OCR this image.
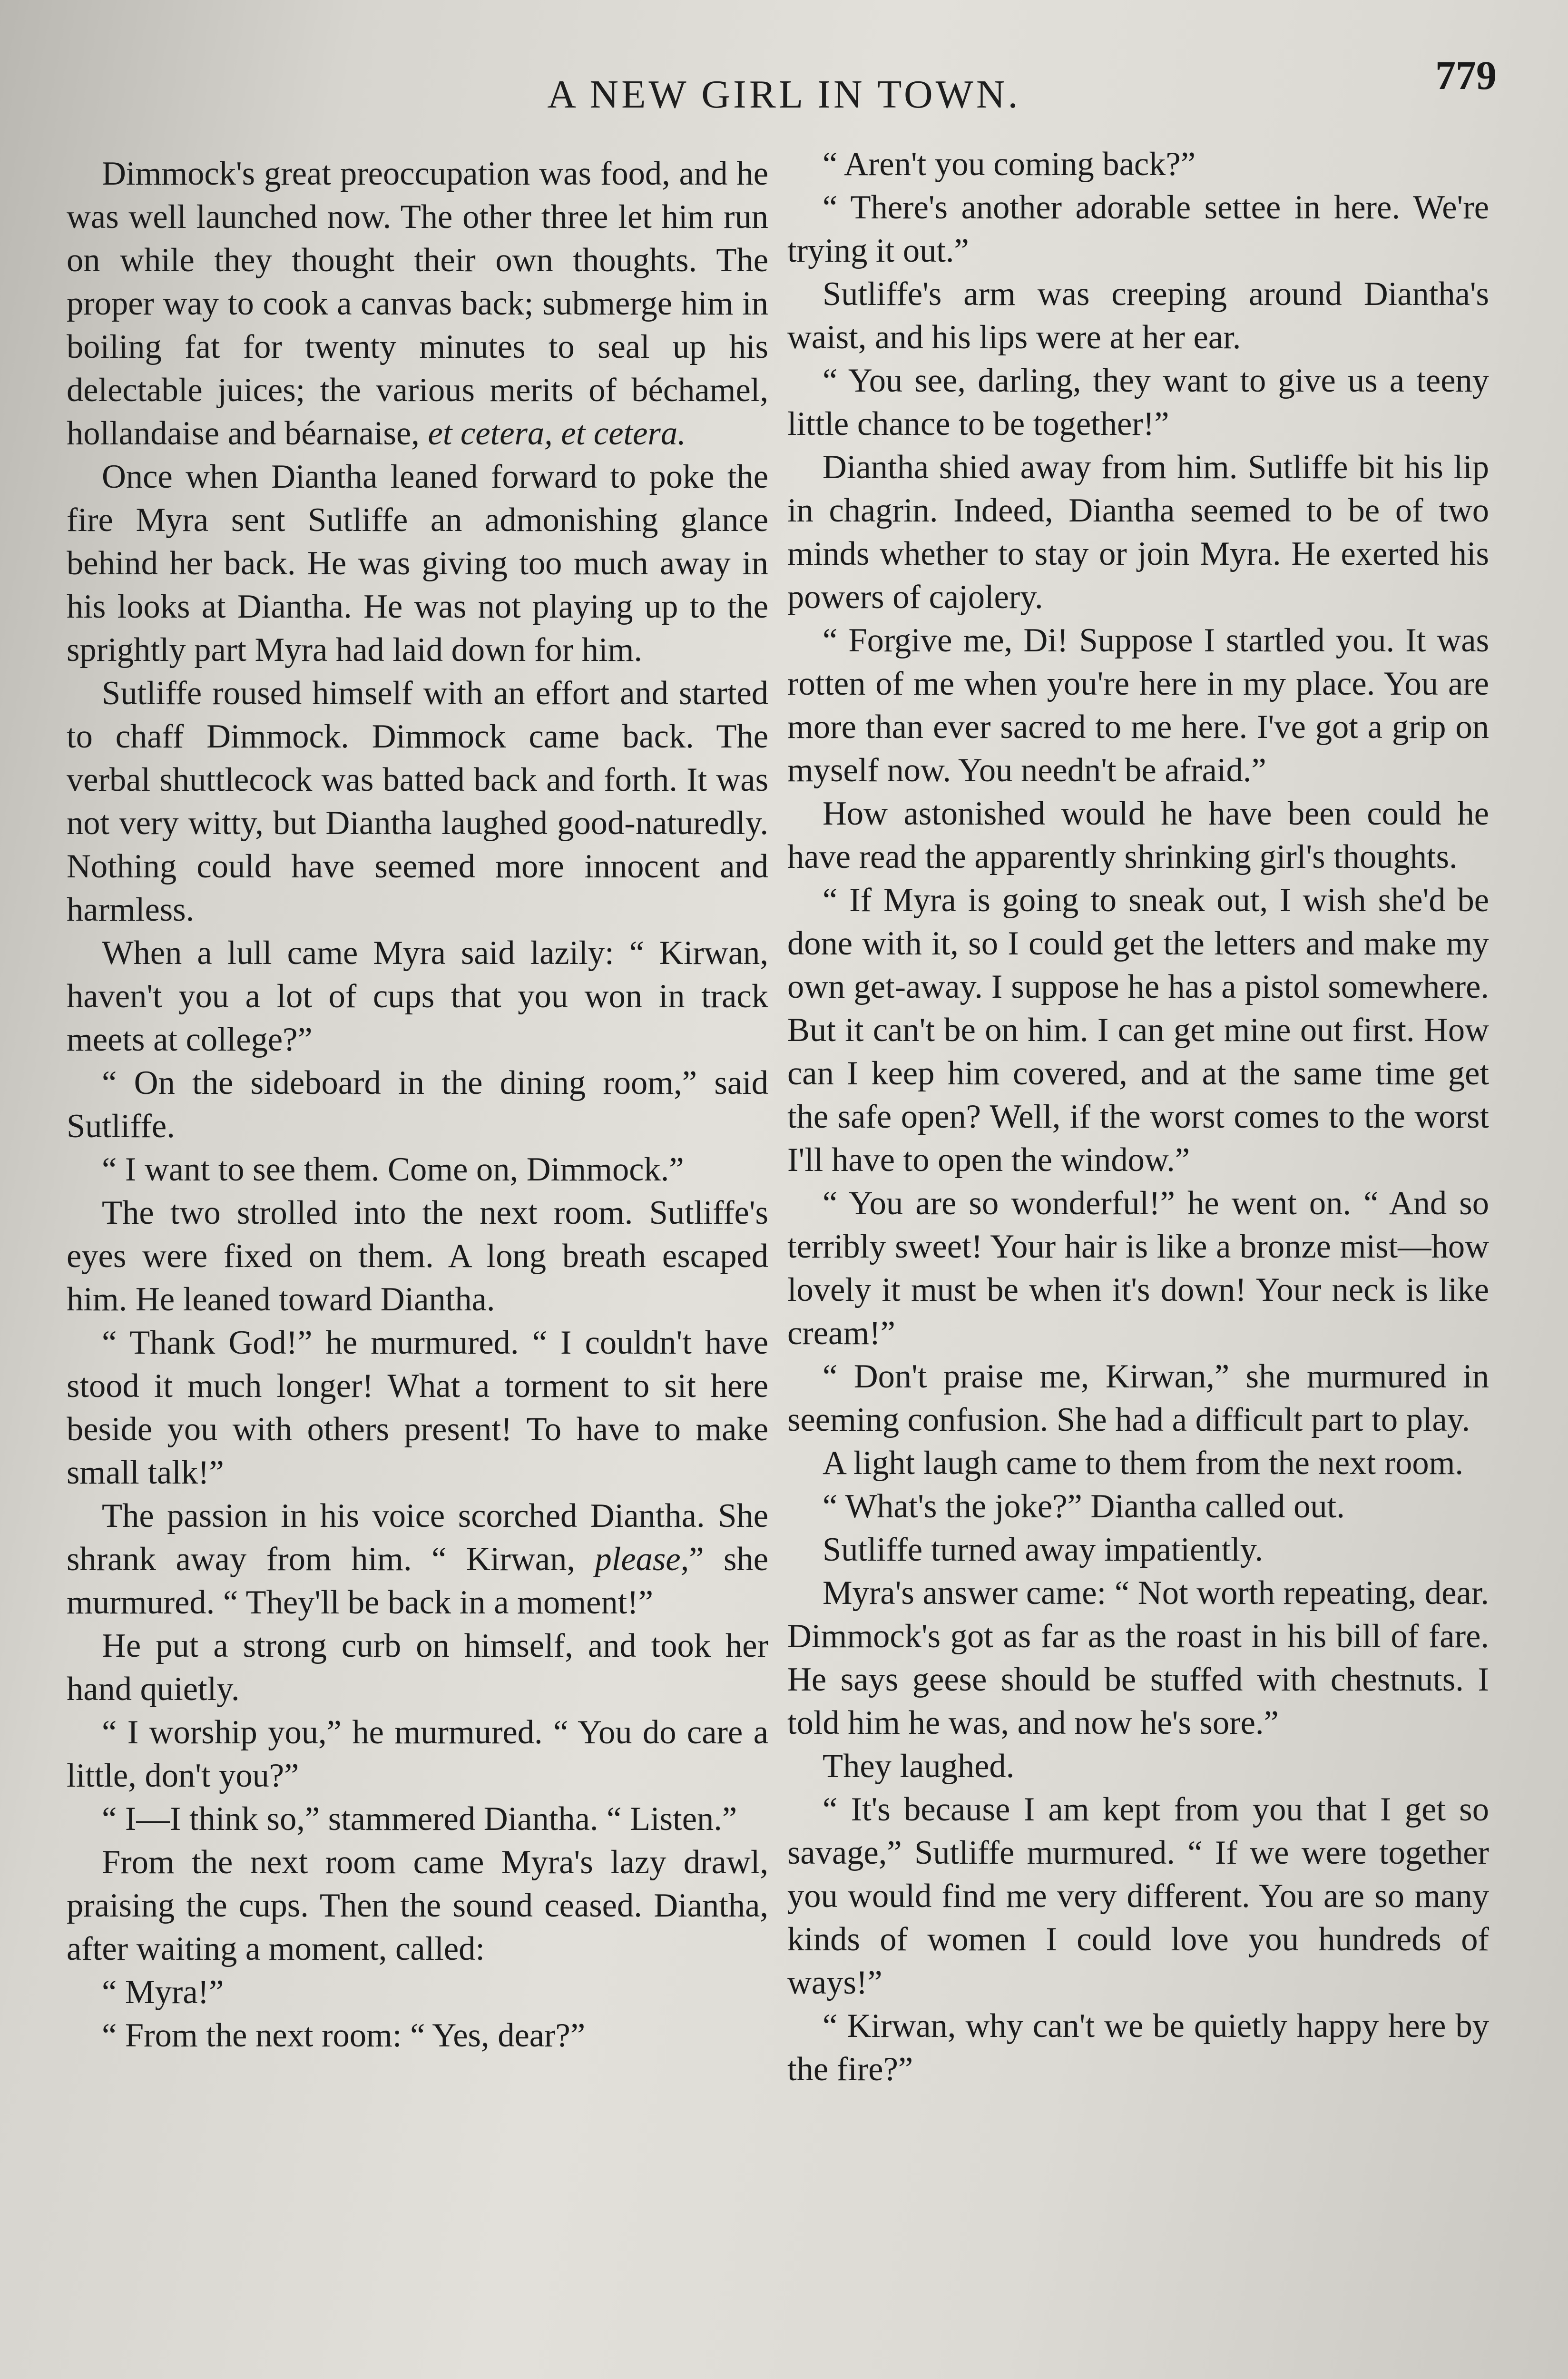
A NEW GIRL IN TOWN.	779

Dimmock's great preoccupation was food, and he was well launched now. The other three let him run on while they thought their own thoughts. The proper way to cook a canvas back; submerge him in boiling fat for twenty minutes to seal up his delectable juices; the various merits of béchamel, hollandaise and béarnaise, et cetera, et cetera.

Once when Diantha leaned forward to poke the fire Myra sent Sutliffe an admonishing glance behind her back. He was giving too much away in his looks at Diantha. He was not playing up to the sprightly part Myra had laid down for him.

Sutliffe roused himself with an effort and started to chaff Dimmock. Dimmock came back. The verbal shuttlecock was batted back and forth. It was not very witty, but Diantha laughed good-naturedly. Nothing could have seemed more innocent and harmless.

When a lull came Myra said lazily: “ Kirwan, haven't you a lot of cups that you won in track meets at college?”

“ On the sideboard in the dining room,” said Sutliffe.

“ I want to see them. Come on, Dimmock.”

The two strolled into the next room. Sutliffe's eyes were fixed on them. A long breath escaped him. He leaned toward Diantha.

“ Thank God!” he murmured. “ I couldn't have stood it much longer! What a torment to sit here beside you with others present! To have to make small talk!”

The passion in his voice scorched Diantha. She shrank away from him. “ Kirwan, please,” she murmured. “ They'll be back in a moment!”

He put a strong curb on himself, and took her hand quietly.

“ I worship you,” he murmured. “ You do care a little, don't you?”

“ I—I think so,” stammered Diantha. “ Listen.”

From the next room came Myra's lazy drawl, praising the cups. Then the sound ceased. Diantha, after waiting a moment, called:

“ Myra!”

“ From the next room: “ Yes, dear?”

“ Aren't you coming back?”

“ There's another adorable settee in here. We're trying it out.”

Sutliffe's arm was creeping around Diantha's waist, and his lips were at her ear.

“ You see, darling, they want to give us a teeny little chance to be together!”

Diantha shied away from him. Sutliffe bit his lip in chagrin. Indeed, Diantha seemed to be of two minds whether to stay or join Myra. He exerted his powers of cajolery.

“ Forgive me, Di! Suppose I startled you. It was rotten of me when you're here in my place. You are more than ever sacred to me here. I've got a grip on myself now. You needn't be afraid.”

How astonished would he have been could he have read the apparently shrinking girl's thoughts.

“ If Myra is going to sneak out, I wish she'd be done with it, so I could get the letters and make my own get-away. I suppose he has a pistol somewhere. But it can't be on him. I can get mine out first. How can I keep him covered, and at the same time get the safe open? Well, if the worst comes to the worst I'll have to open the window.”

“ You are so wonderful!” he went on. “ And so terribly sweet! Your hair is like a bronze mist—how lovely it must be when it's down! Your neck is like cream!”

“ Don't praise me, Kirwan,” she murmured in seeming confusion. She had a difficult part to play.

A light laugh came to them from the next room.

“ What's the joke?” Diantha called out.

Sutliffe turned away impatiently.

Myra's answer came: “ Not worth repeating, dear. Dimmock's got as far as the roast in his bill of fare. He says geese should be stuffed with chestnuts. I told him he was, and now he's sore.”

They laughed.

“ It's because I am kept from you that I get so savage,” Sutliffe murmured. “ If we were together you would find me very different. You are so many kinds of women I could love you hundreds of ways!”

“ Kirwan, why can't we be quietly happy here by the fire?”
